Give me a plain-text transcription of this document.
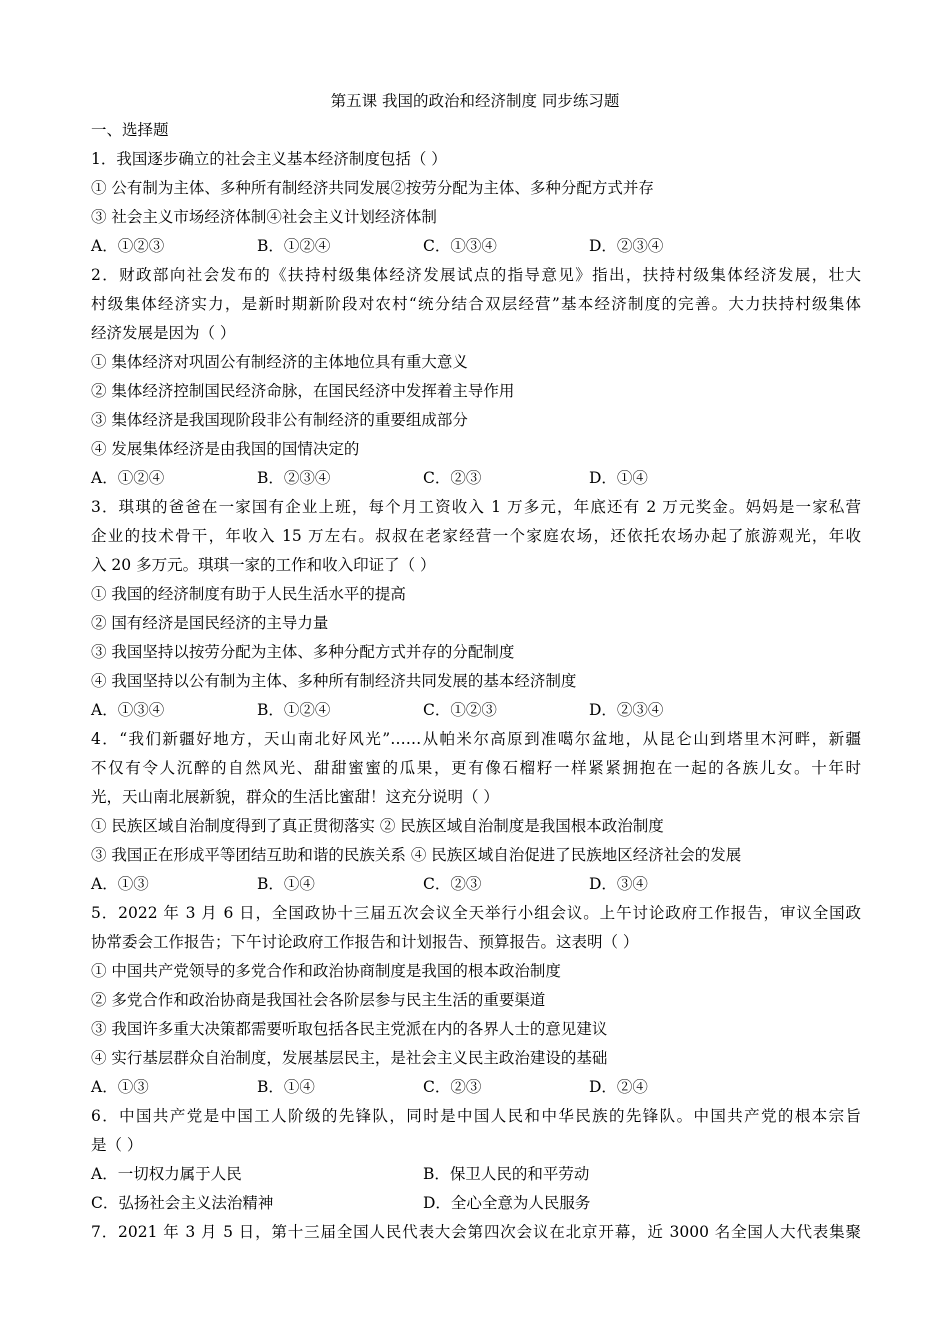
第五课 我国的政治和经济制度 同步练习题
一、选择题
1．我国逐步确立的社会主义基本经济制度包括（ ）
① 公有制为主体、多种所有制经济共同发展②按劳分配为主体、多种分配方式并存
③ 社会主义市场经济体制④社会主义计划经济体制
A．①②③	B．①②④	C．①③④	D．②③④
2．财政部向社会发布的《扶持村级集体经济发展试点的指导意见》指出，扶持村级集体经济发展，壮大
村级集体经济实力，是新时期新阶段对农村“统分结合双层经营”基本经济制度的完善。大力扶持村级集体
经济发展是因为（ ）
① 集体经济对巩固公有制经济的主体地位具有重大意义
② 集体经济控制国民经济命脉，在国民经济中发挥着主导作用
③ 集体经济是我国现阶段非公有制经济的重要组成部分
④ 发展集体经济是由我国的国情决定的
A．①②④	B．②③④	C．②③	D．①④
3．琪琪的爸爸在一家国有企业上班，每个月工资收入 1 万多元，年底还有 2 万元奖金。妈妈是一家私营
企业的技术骨干，年收入 15 万左右。叔叔在老家经营一个家庭农场，还依托农场办起了旅游观光，年收
入 20 多万元。琪琪一家的工作和收入印证了（ ）
① 我国的经济制度有助于人民生活水平的提高
② 国有经济是国民经济的主导力量
③ 我国坚持以按劳分配为主体、多种分配方式并存的分配制度
④ 我国坚持以公有制为主体、多种所有制经济共同发展的基本经济制度
A．①③④	B．①②④	C．①②③	D．②③④
4．“我们新疆好地方，天山南北好风光”……从帕米尔高原到准噶尔盆地，从昆仑山到塔里木河畔，新疆
不仅有令人沉醉的自然风光、甜甜蜜蜜的瓜果，更有像石榴籽一样紧紧拥抱在一起的各族儿女。十年时
光，天山南北展新貌，群众的生活比蜜甜！这充分说明（ ）
① 民族区域自治制度得到了真正贯彻落实 ② 民族区域自治制度是我国根本政治制度
③ 我国正在形成平等团结互助和谐的民族关系 ④ 民族区域自治促进了民族地区经济社会的发展
A．①③	B．①④	C．②③	D．③④
5．2022 年 3 月 6 日，全国政协十三届五次会议全天举行小组会议。上午讨论政府工作报告，审议全国政
协常委会工作报告；下午讨论政府工作报告和计划报告、预算报告。这表明（ ）
① 中国共产党领导的多党合作和政治协商制度是我国的根本政治制度
② 多党合作和政治协商是我国社会各阶层参与民主生活的重要渠道
③ 我国许多重大决策都需要听取包括各民主党派在内的各界人士的意见建议
④ 实行基层群众自治制度，发展基层民主，是社会主义民主政治建设的基础
A．①③	B．①④	C．②③	D．②④
6．中国共产党是中国工人阶级的先锋队，同时是中国人民和中华民族的先锋队。中国共产党的根本宗旨
是（ ）
A．一切权力属于人民	B．保卫人民的和平劳动
C．弘扬社会主义法治精神	D．全心全意为人民服务
7．2021 年 3 月 5 日，第十三届全国人民代表大会第四次会议在北京开幕，近 3000 名全国人大代表集聚
